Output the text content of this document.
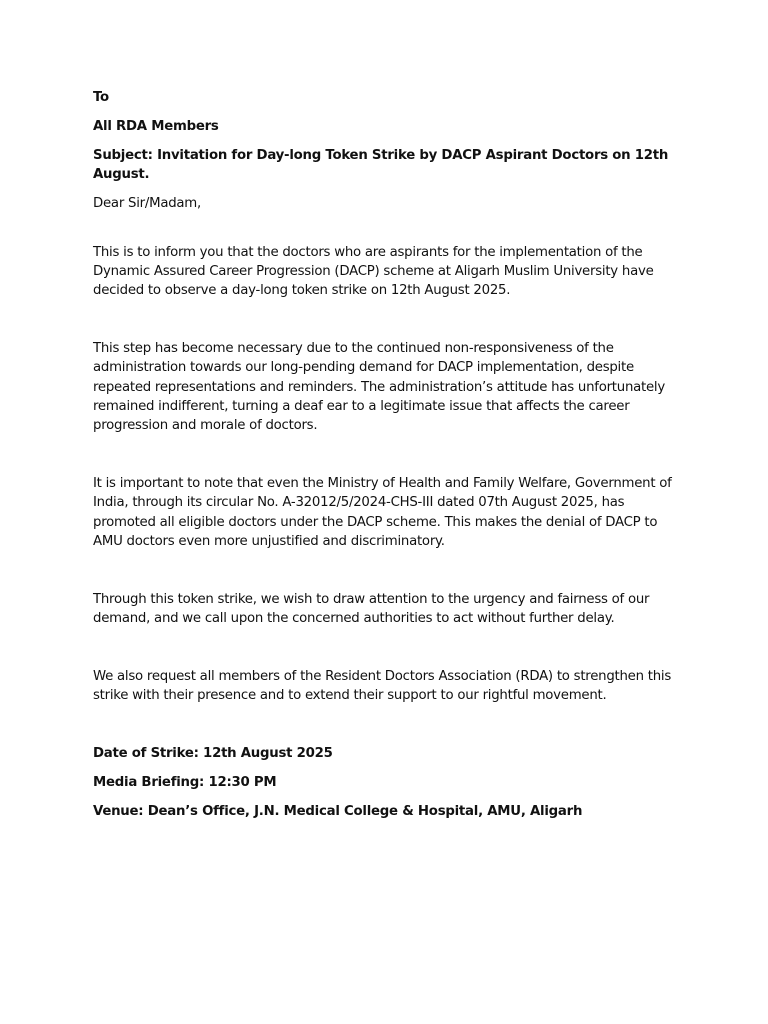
To

All RDA Members

Subject: Invitation for Day-long Token Strike by DACP Aspirant Doctors on 12th August.

Dear Sir/Madam,

This is to inform you that the doctors who are aspirants for the implementation of the Dynamic Assured Career Progression (DACP) scheme at Aligarh Muslim University have decided to observe a day-long token strike on 12th August 2025.

This step has become necessary due to the continued non-responsiveness of the administration towards our long-pending demand for DACP implementation, despite repeated representations and reminders. The administration’s attitude has unfortunately remained indifferent, turning a deaf ear to a legitimate issue that affects the career progression and morale of doctors.

It is important to note that even the Ministry of Health and Family Welfare, Government of India, through its circular No. A-32012/5/2024-CHS-III dated 07th August 2025, has promoted all eligible doctors under the DACP scheme. This makes the denial of DACP to AMU doctors even more unjustified and discriminatory.

Through this token strike, we wish to draw attention to the urgency and fairness of our demand, and we call upon the concerned authorities to act without further delay.

We also request all members of the Resident Doctors Association (RDA) to strengthen this strike with their presence and to extend their support to our rightful movement.

Date of Strike: 12th August 2025

Media Briefing: 12:30 PM

Venue: Dean’s Office, J.N. Medical College & Hospital, AMU, Aligarh
